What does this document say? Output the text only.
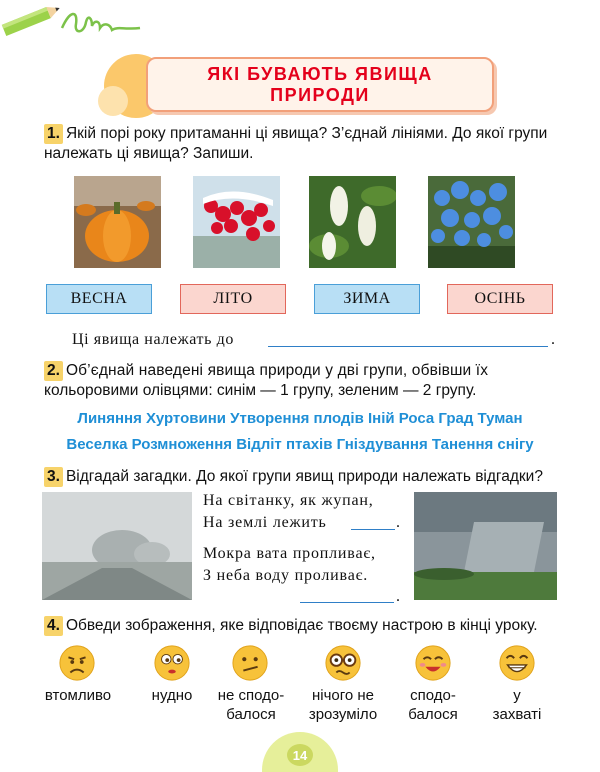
ЯКІ БУВАЮТЬ ЯВИЩА
ПРИРОДИ
1. Якій порі року притаманні ці явища? З’єднай лініями. До якої групи
належать ці явища? Запиши.
ВЕСНА	ЛІТО	ЗИМА	ОСІНЬ
Ці явища належать до	.
2. Об’єднай наведені явища природи у дві групи, обвівши їх
кольоровими олівцями: синім — 1 групу, зеленим — 2 групу.
Линяння Хуртовини Утворення плодів Іній Роса Град Туман
Веселка Розмноження Відліт птахів Гніздування Танення снігу
3. Відгадай загадки. До якої групи явищ природи належать відгадки?
На світанку, як жупан,
На землі лежить	.
Мокра вата пропливає,
З неба воду проливає.
.
4. Обведи зображення, яке відповідає твоєму настрою в кінці уроку.
втомливо	нудно	не сподо-
балося
нічого не
зрозуміло
сподо-
балося
у
захваті
14
